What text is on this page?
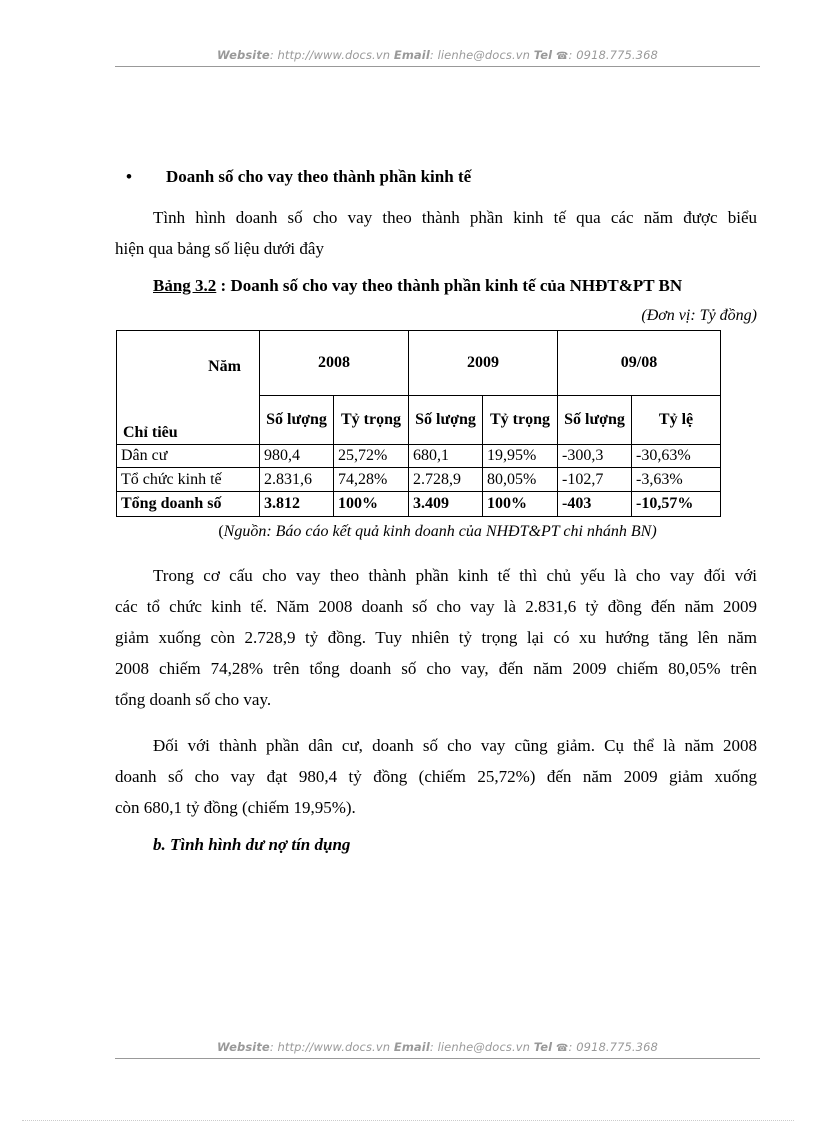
Website: http://www.docs.vn Email: lienhe@docs.vn Tel ☎: 0918.775.368
• Doanh số cho vay theo thành phần kinh tế
Tình hình doanh số cho vay theo thành phần kinh tế qua các năm được biểu
hiện qua bảng số liệu dưới đây
Bảng 3.2 : Doanh số cho vay theo thành phần kinh tế của NHĐT&PT BN
(Đơn vị: Tỷ đồng)
Năm
Chỉ tiêu	2008		2009		09/08	
	Số lượng	Tỷ trọng	Số lượng	Tỷ trọng	Số lượng	Tỷ lệ
Dân cư	980,4	25,72%	680,1	19,95%	-300,3	-30,63%
Tổ chức kinh tế	2.831,6	74,28%	2.728,9	80,05%	-102,7	-3,63%
Tổng doanh số	3.812	100%	3.409	100%	-403	-10,57%
(Nguồn: Báo cáo kết quả kinh doanh của NHĐT&PT chi nhánh BN)
Trong cơ cấu cho vay theo thành phần kinh tế thì chủ yếu là cho vay đối với
các tổ chức kinh tế. Năm 2008 doanh số cho vay là 2.831,6 tỷ đồng đến năm 2009
giảm xuống còn 2.728,9 tỷ đồng. Tuy nhiên tỷ trọng lại có xu hướng tăng lên năm
2008 chiếm 74,28% trên tổng doanh số cho vay, đến năm 2009 chiếm 80,05% trên
tổng doanh số cho vay.
Đối với thành phần dân cư, doanh số cho vay cũng giảm. Cụ thể là năm 2008
doanh số cho vay đạt 980,4 tỷ đồng (chiếm 25,72%) đến năm 2009 giảm xuống
còn 680,1 tỷ đồng (chiếm 19,95%).
b. Tình hình dư nợ tín dụng
Website: http://www.docs.vn Email: lienhe@docs.vn Tel ☎: 0918.775.368
